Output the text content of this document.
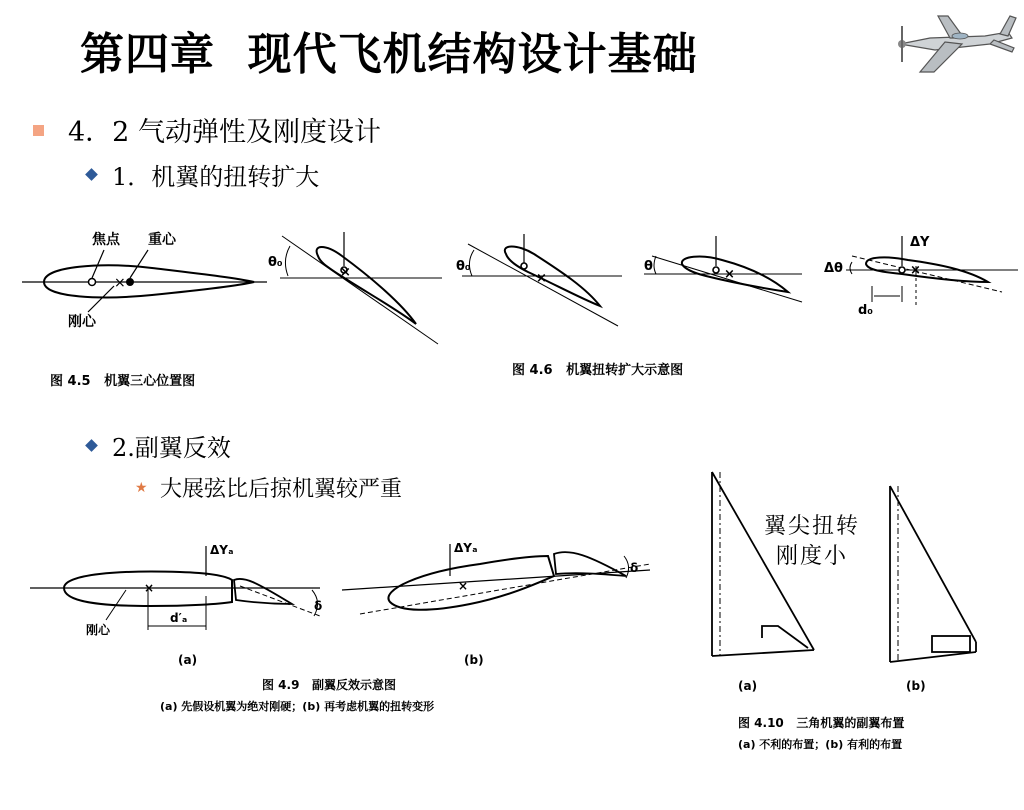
第四章  现代飞机结构设计基础
4．2 气动弹性及刚度设计
1．机翼的扭转扩大
×
焦点 重心
刚心
图 4.5   机翼三心位置图
×	×	×	×
θ₀	θ₀	θ	Δθ
ΔY
d₀
图 4.6   机翼扭转扩大示意图
2.副翼反效
★ 大展弦比后掠机翼较严重
×	×
ΔYₐ	ΔYₐ
δ
δ
刚心
d′ₐ
(a)	(b)
图 4.9   副翼反效示意图
(a) 先假设机翼为绝对刚硬；(b) 再考虑机翼的扭转变形
(a)	(b)
翼尖扭转
刚度小
图 4.10   三角机翼的副翼布置
(a) 不利的布置；(b) 有利的布置
